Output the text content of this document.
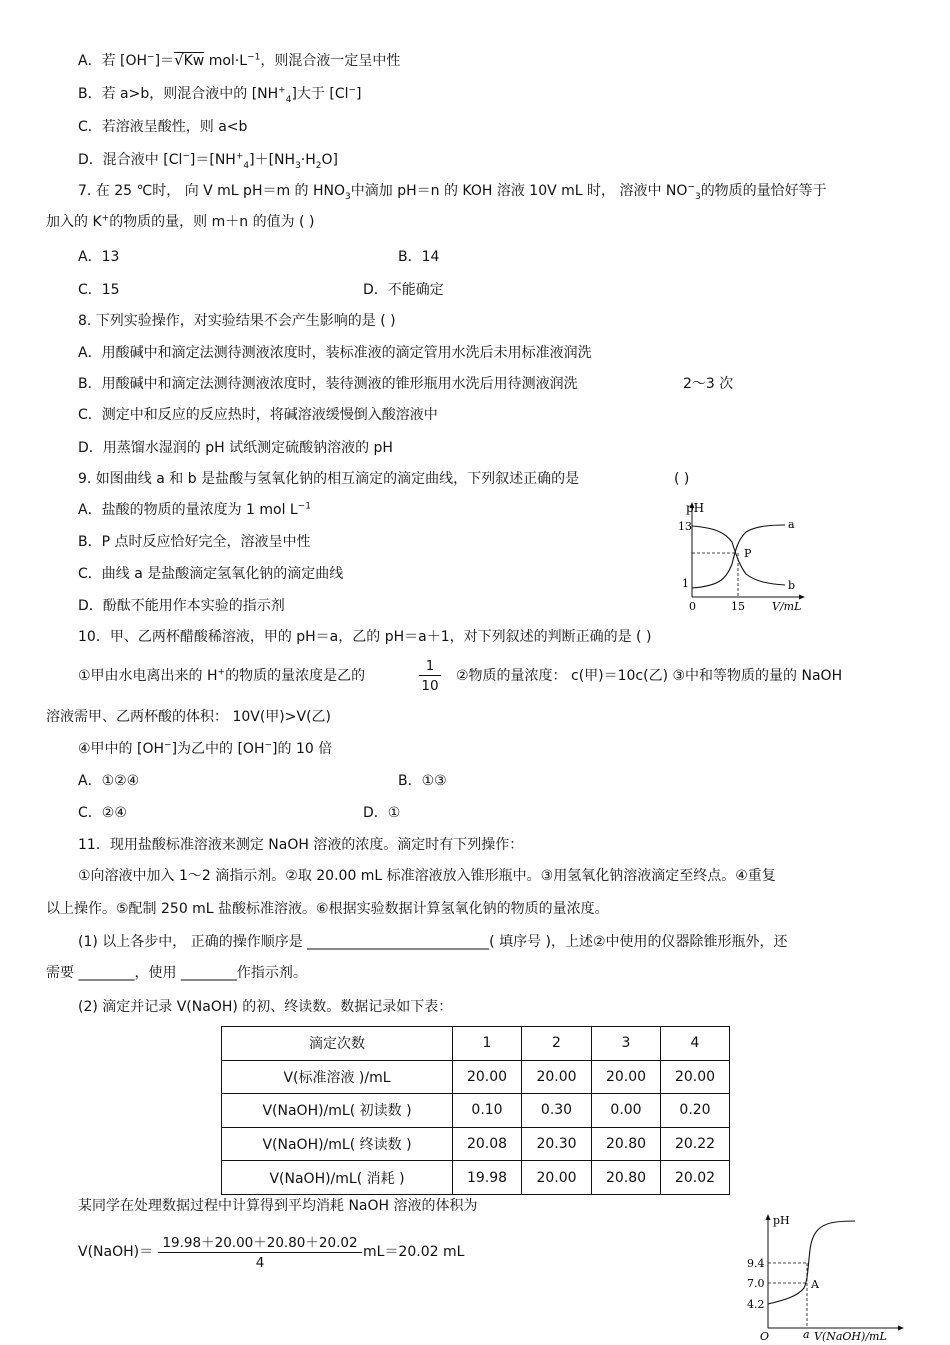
A．若 [OH−]＝√Kw $mol\cdot L^{-1}$，则混合液一定呈中性
B．若 a>b，则混合液中的 $[NH^+_4]$大于 [Cl−]
C．若溶液呈酸性，则 a<b
D．混合液中 $[Cl^-]=[NH^+_4]+[NH_3\cdot H_2O]$
7. 在 25 ℃时， 向 V mL pH＝m 的 $HNO_3$中滴加 pH＝n 的 KOH 溶液 10V mL 时， 溶液中 $NO^-_3$的物质的量恰好等于
加入的 K+的物质的量，则 m＋n 的值为 ( )
A．13	B．14
C．15	D．不能确定
8. 下列实验操作，对实验结果不会产生影响的是 ( )
A．用酸碱中和滴定法测待测液浓度时，装标准液的滴定管用水洗后未用标准液润洗
B．用酸碱中和滴定法测待测液浓度时，装待测液的锥形瓶用水洗后用待测液润洗	2～3 次
C．测定中和反应的反应热时，将碱溶液缓慢倒入酸溶液中
D．用蒸馏水湿润的 pH 试纸测定硫酸钠溶液的 pH
9. 如图曲线 a 和 b 是盐酸与氢氧化钠的相互滴定的滴定曲线，下列叙述正确的是	( )
A．盐酸的物质的量浓度为 1 mol $L^{-1}$
B．P 点时反应恰好完全，溶液呈中性
C．曲线 a 是盐酸滴定氢氧化钠的滴定曲线
D．酚酞不能用作本实验的指示剂
pH
13
1
0	15 V/mL
a
b
P
10．甲、乙两杯醋酸稀溶液，甲的 pH＝a，乙的 pH＝a＋1，对下列叙述的判断正确的是 ( )
①甲由水电离出来的 H+的物质的量浓度是乙的	$\frac{1}{10}$ ②物质的量浓度： c(甲)＝10c(乙) ③中和等物质的量的 NaOH
溶液需甲、乙两杯酸的体积： 10V(甲)>V(乙)
④甲中的 [OH−]为乙中的 [OH−]的 10 倍
A．①②④	B．①③
C．②④	D．①
11．现用盐酸标准溶液来测定 NaOH 溶液的浓度。滴定时有下列操作：
①向溶液中加入 1～2 滴指示剂。②取 20.00 mL 标准溶液放入锥形瓶中。③用氢氧化钠溶液滴定至终点。④重复
以上操作。⑤配制 250 mL 盐酸标准溶液。⑥根据实验数据计算氢氧化钠的物质的量浓度。
(1) 以上各步中， 正确的操作顺序是 __________________________( 填序号 )，上述②中使用的仪器除锥形瓶外，还
需要 ________，使用 ________作指示剂。
(2) 滴定并记录 V(NaOH) 的初、终读数。数据记录如下表：
滴定次数	1	2	3	4
V(标准溶液 )/mL	20.00	20.00	20.00	20.00
V(NaOH)/mL( 初读数 )	0.10	0.30	0.00	0.20
V(NaOH)/mL( 终读数 )	20.08	20.30	20.80	20.22
V(NaOH)/mL( 消耗 )	19.98	20.00	20.80	20.02
某同学在处理数据过程中计算得到平均消耗 NaOH 溶液的体积为
V(NaOH)＝ $\frac{19.98+20.00+20.80+20.02}{4} mL=20.02$ mL
pH
9.4
7.0
4.2
O	a V(NaOH)/mL
A
